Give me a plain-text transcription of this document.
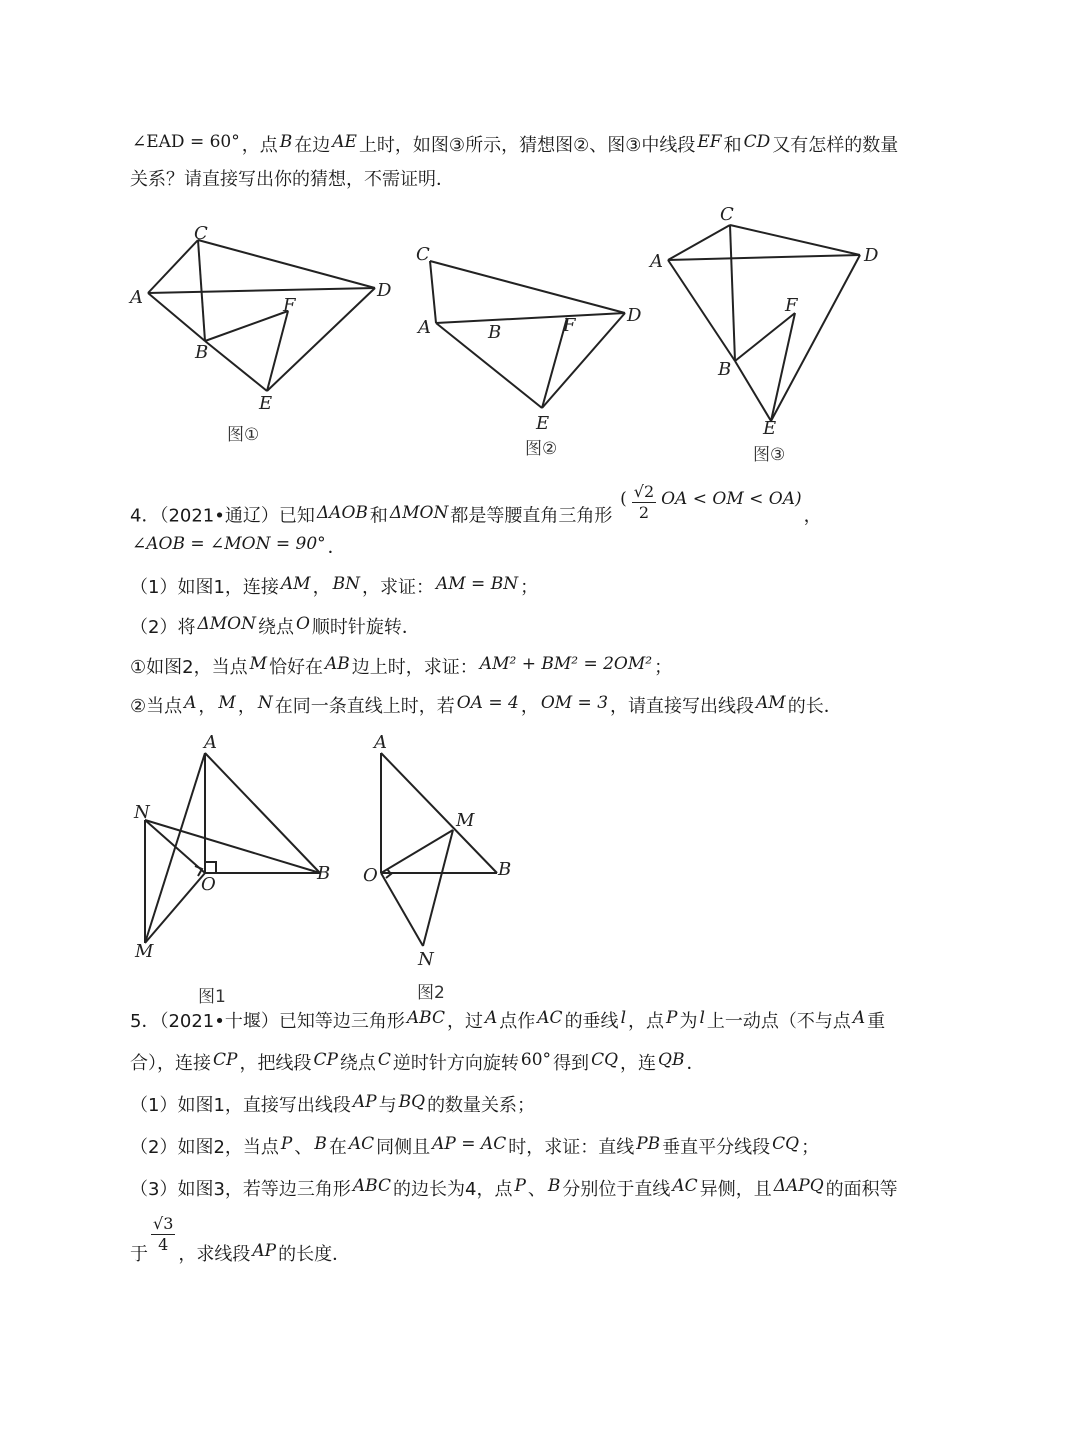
∠EAD = 60° ，点 B 在边 AE 上时，如图③所示，猜想图②、图③中线段 EF 和 CD 又有怎样的数量
关系？请直接写出你的猜想，不需证明．
C
A	D
F
B
E
C
A	B	F	D
E
C
A	D
F
B
E
图①
图②	图③
4．（2021•通辽）已知 ΔAOB 和 ΔMON 都是等腰直角三角形 ( $\frac{√2}{2}$ OA < OM < OA)，
∠AOB = ∠MON = 90° ．
（1）如图1，连接 AM ， BN ，求证： AM = BN ；
（2）将 ΔMON 绕点 O 顺时针旋转．
①如图2，当点 M 恰好在 AB 边上时，求证： AM² + BM² = 2OM² ；
②当点 A ， M ， N 在同一条直线上时，若 OA = 4 ， OM = 3 ，请直接写出线段 AM 的长．
A
N
O
B
M
A
M
O	B
N
图1	图2
5．（2021•十堰）已知等边三角形 ABC ，过 A 点作 AC 的垂线 l ，点 P 为 l 上一动点（不与点 A 重
合），连接 CP ，把线段 CP 绕点 C 逆时针方向旋转 60° 得到 CQ ，连 QB ．
（1）如图1，直接写出线段 AP 与 BQ 的数量关系；
（2）如图2，当点 P 、 B 在 AC 同侧且 AP = AC 时，求证：直线 PB 垂直平分线段 CQ ；
（3）如图3，若等边三角形 ABC 的边长为4，点 P 、 B 分别位于直线 AC 异侧，且 ΔAPQ 的面积等
于 $\frac{√3}{4}$ ，求线段 AP 的长度．
